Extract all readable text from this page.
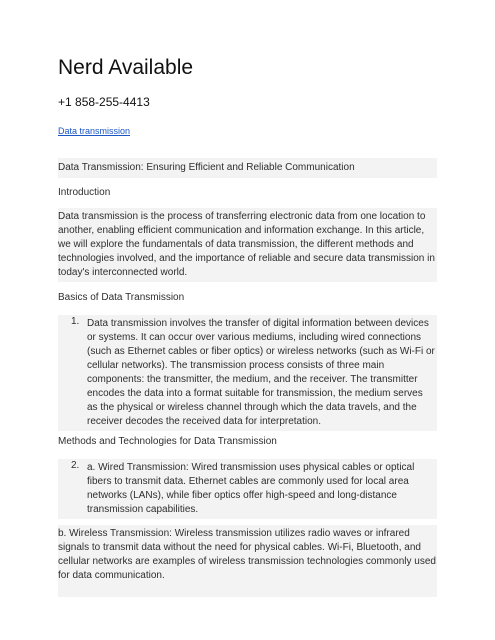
Nerd Available
+1 858-255-4413
Data transmission
Data Transmission: Ensuring Efficient and Reliable Communication
Introduction
Data transmission is the process of transferring electronic data from one location to another, enabling efficient communication and information exchange. In this article, we will explore the fundamentals of data transmission, the different methods and technologies involved, and the importance of reliable and secure data transmission in today's interconnected world.
Basics of Data Transmission
1. Data transmission involves the transfer of digital information between devices or systems. It can occur over various mediums, including wired connections (such as Ethernet cables or fiber optics) or wireless networks (such as Wi-Fi or cellular networks). The transmission process consists of three main components: the transmitter, the medium, and the receiver. The transmitter encodes the data into a format suitable for transmission, the medium serves as the physical or wireless channel through which the data travels, and the receiver decodes the received data for interpretation.
Methods and Technologies for Data Transmission
2. a. Wired Transmission: Wired transmission uses physical cables or optical fibers to transmit data. Ethernet cables are commonly used for local area networks (LANs), while fiber optics offer high-speed and long-distance transmission capabilities.
b. Wireless Transmission: Wireless transmission utilizes radio waves or infrared signals to transmit data without the need for physical cables. Wi-Fi, Bluetooth, and cellular networks are examples of wireless transmission technologies commonly used for data communication.
